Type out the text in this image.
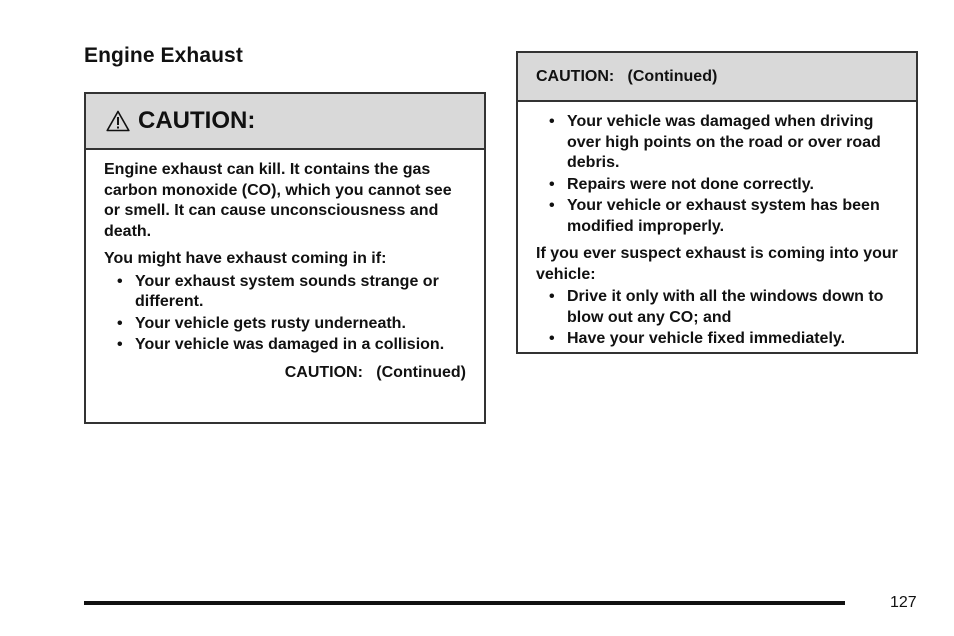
Engine Exhaust
CAUTION:

Engine exhaust can kill. It contains the gas carbon monoxide (CO), which you cannot see or smell. It can cause unconsciousness and death.

You might have exhaust coming in if:

• Your exhaust system sounds strange or different.
• Your vehicle gets rusty underneath.
• Your vehicle was damaged in a collision.
CAUTION:   (Continued)
CAUTION:   (Continued)
• Your vehicle was damaged when driving over high points on the road or over road debris.
• Repairs were not done correctly.
• Your vehicle or exhaust system has been modified improperly.

If you ever suspect exhaust is coming into your vehicle:

• Drive it only with all the windows down to blow out any CO; and
• Have your vehicle fixed immediately.
127
